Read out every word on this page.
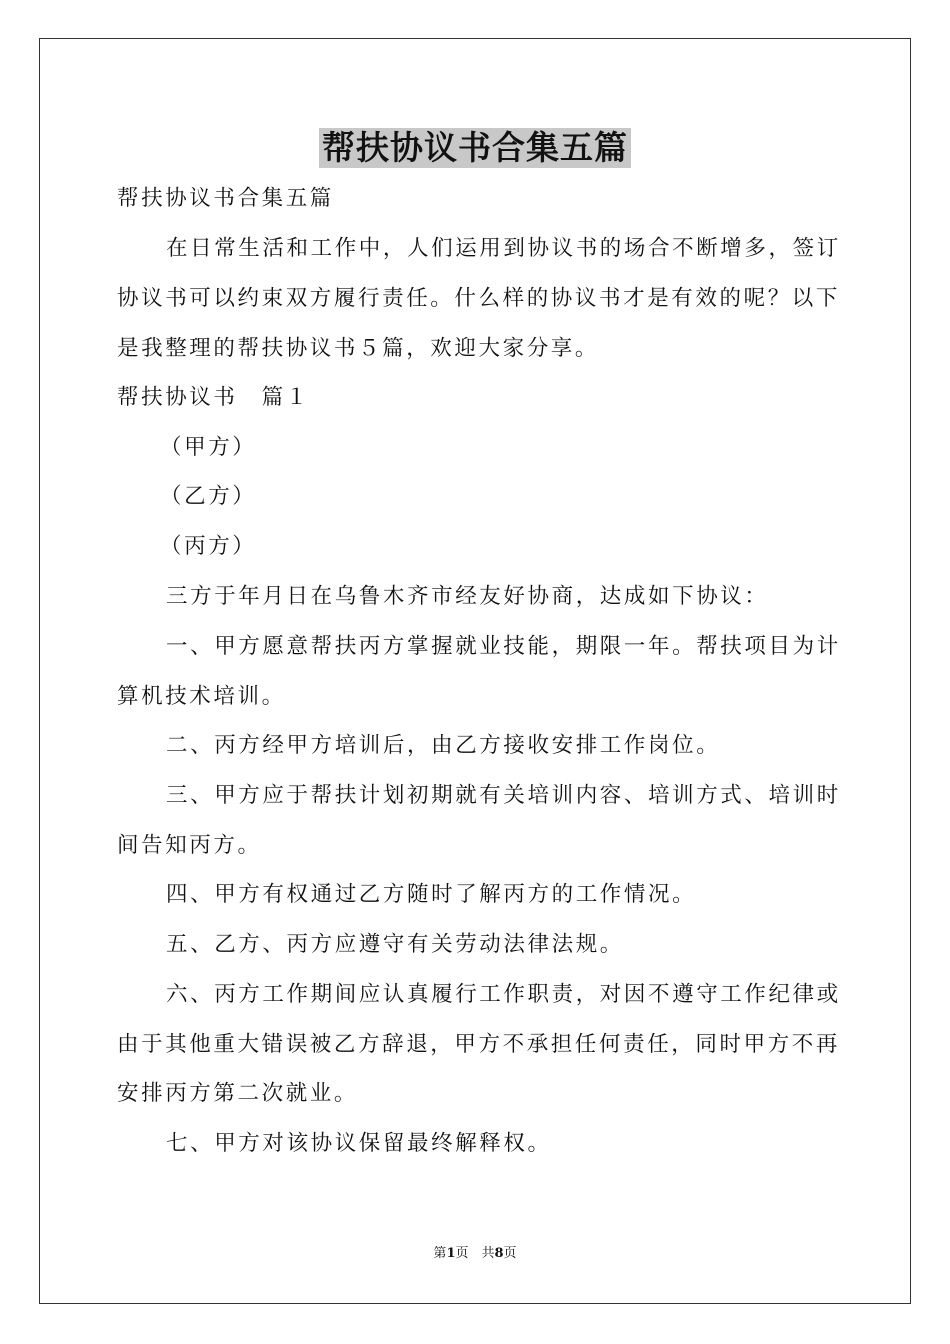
帮扶协议书合集五篇
帮扶协议书合集五篇
在日常生活和工作中，人们运用到协议书的场合不断增多，签订
协议书可以约束双方履行责任。什么样的协议书才是有效的呢？以下
是我整理的帮扶协议书５篇，欢迎大家分享。
帮扶协议书　篇１
（甲方）
（乙方）
（丙方）
三方于年月日在乌鲁木齐市经友好协商，达成如下协议：
一、甲方愿意帮扶丙方掌握就业技能，期限一年。帮扶项目为计
算机技术培训。
二、丙方经甲方培训后，由乙方接收安排工作岗位。
三、甲方应于帮扶计划初期就有关培训内容、培训方式、培训时
间告知丙方。
四、甲方有权通过乙方随时了解丙方的工作情况。
五、乙方、丙方应遵守有关劳动法律法规。
六、丙方工作期间应认真履行工作职责，对因不遵守工作纪律或
由于其他重大错误被乙方辞退，甲方不承担任何责任，同时甲方不再
安排丙方第二次就业。
七、甲方对该协议保留最终解释权。
第1页　共8页
